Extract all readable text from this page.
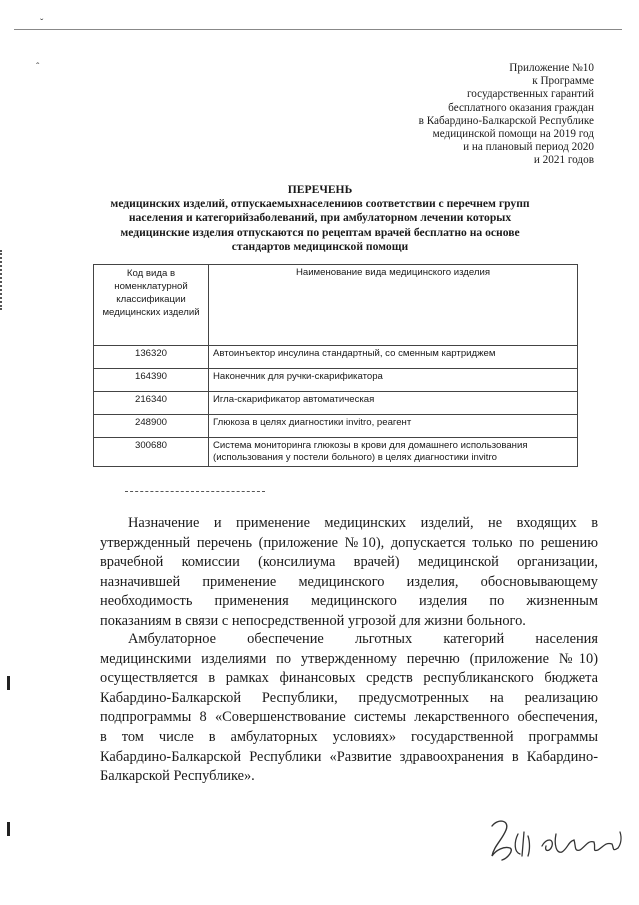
ˇ
ˆ	Приложение №10
к Программе
государственных гарантий
бесплатного оказания граждан
в Кабардино-Балкарской Республике
медицинской помощи на 2019 год
и на плановый период 2020
и 2021 годов
ПЕРЕЧЕНЬ
медицинских изделий, отпускаемыхнаселениюв соответствии с перечнем групп
населения и категорийзаболеваний, при амбулаторном лечении которых
медицинские изделия отпускаются по рецептам врачей бесплатно на основе
стандартов медицинской помощи
Код вида в номенклатурной классификации медицинских изделий	Наименование вида медицинского изделия
136320	Автоинъектор инсулина стандартный, со сменным картриджем
164390	Наконечник для ручки-скарификатора
216340	Игла-скарификатор автоматическая
248900	Глюкоза в целях диагностики invitro, реагент
300680	Система мониторинга глюкозы в крови для домашнего использования (использования у постели больного) в целях диагностики invitro
Назначение и применение медицинских изделий, не входящих в
утвержденный перечень (приложение №10), допускается только по решению
врачебной комиссии (консилиума врачей) медицинской организации,
назначившей применение медицинского изделия, обосновывающему
необходимость применения медицинского изделия по жизненным
показаниям в связи с непосредственной угрозой для жизни больного.
Амбулаторное обеспечение льготных категорий населения
медицинскими изделиями по утвержденному перечню (приложение №10)
осуществляется в рамках финансовых средств республиканского бюджета
Кабардино-Балкарской Республики, предусмотренных на реализацию
подпрограммы 8 «Совершенствование системы лекарственного обеспечения,
в том числе в амбулаторных условиях» государственной программы
Кабардино-Балкарской Республики «Развитие здравоохранения в Кабардино-
Балкарской Республике».
